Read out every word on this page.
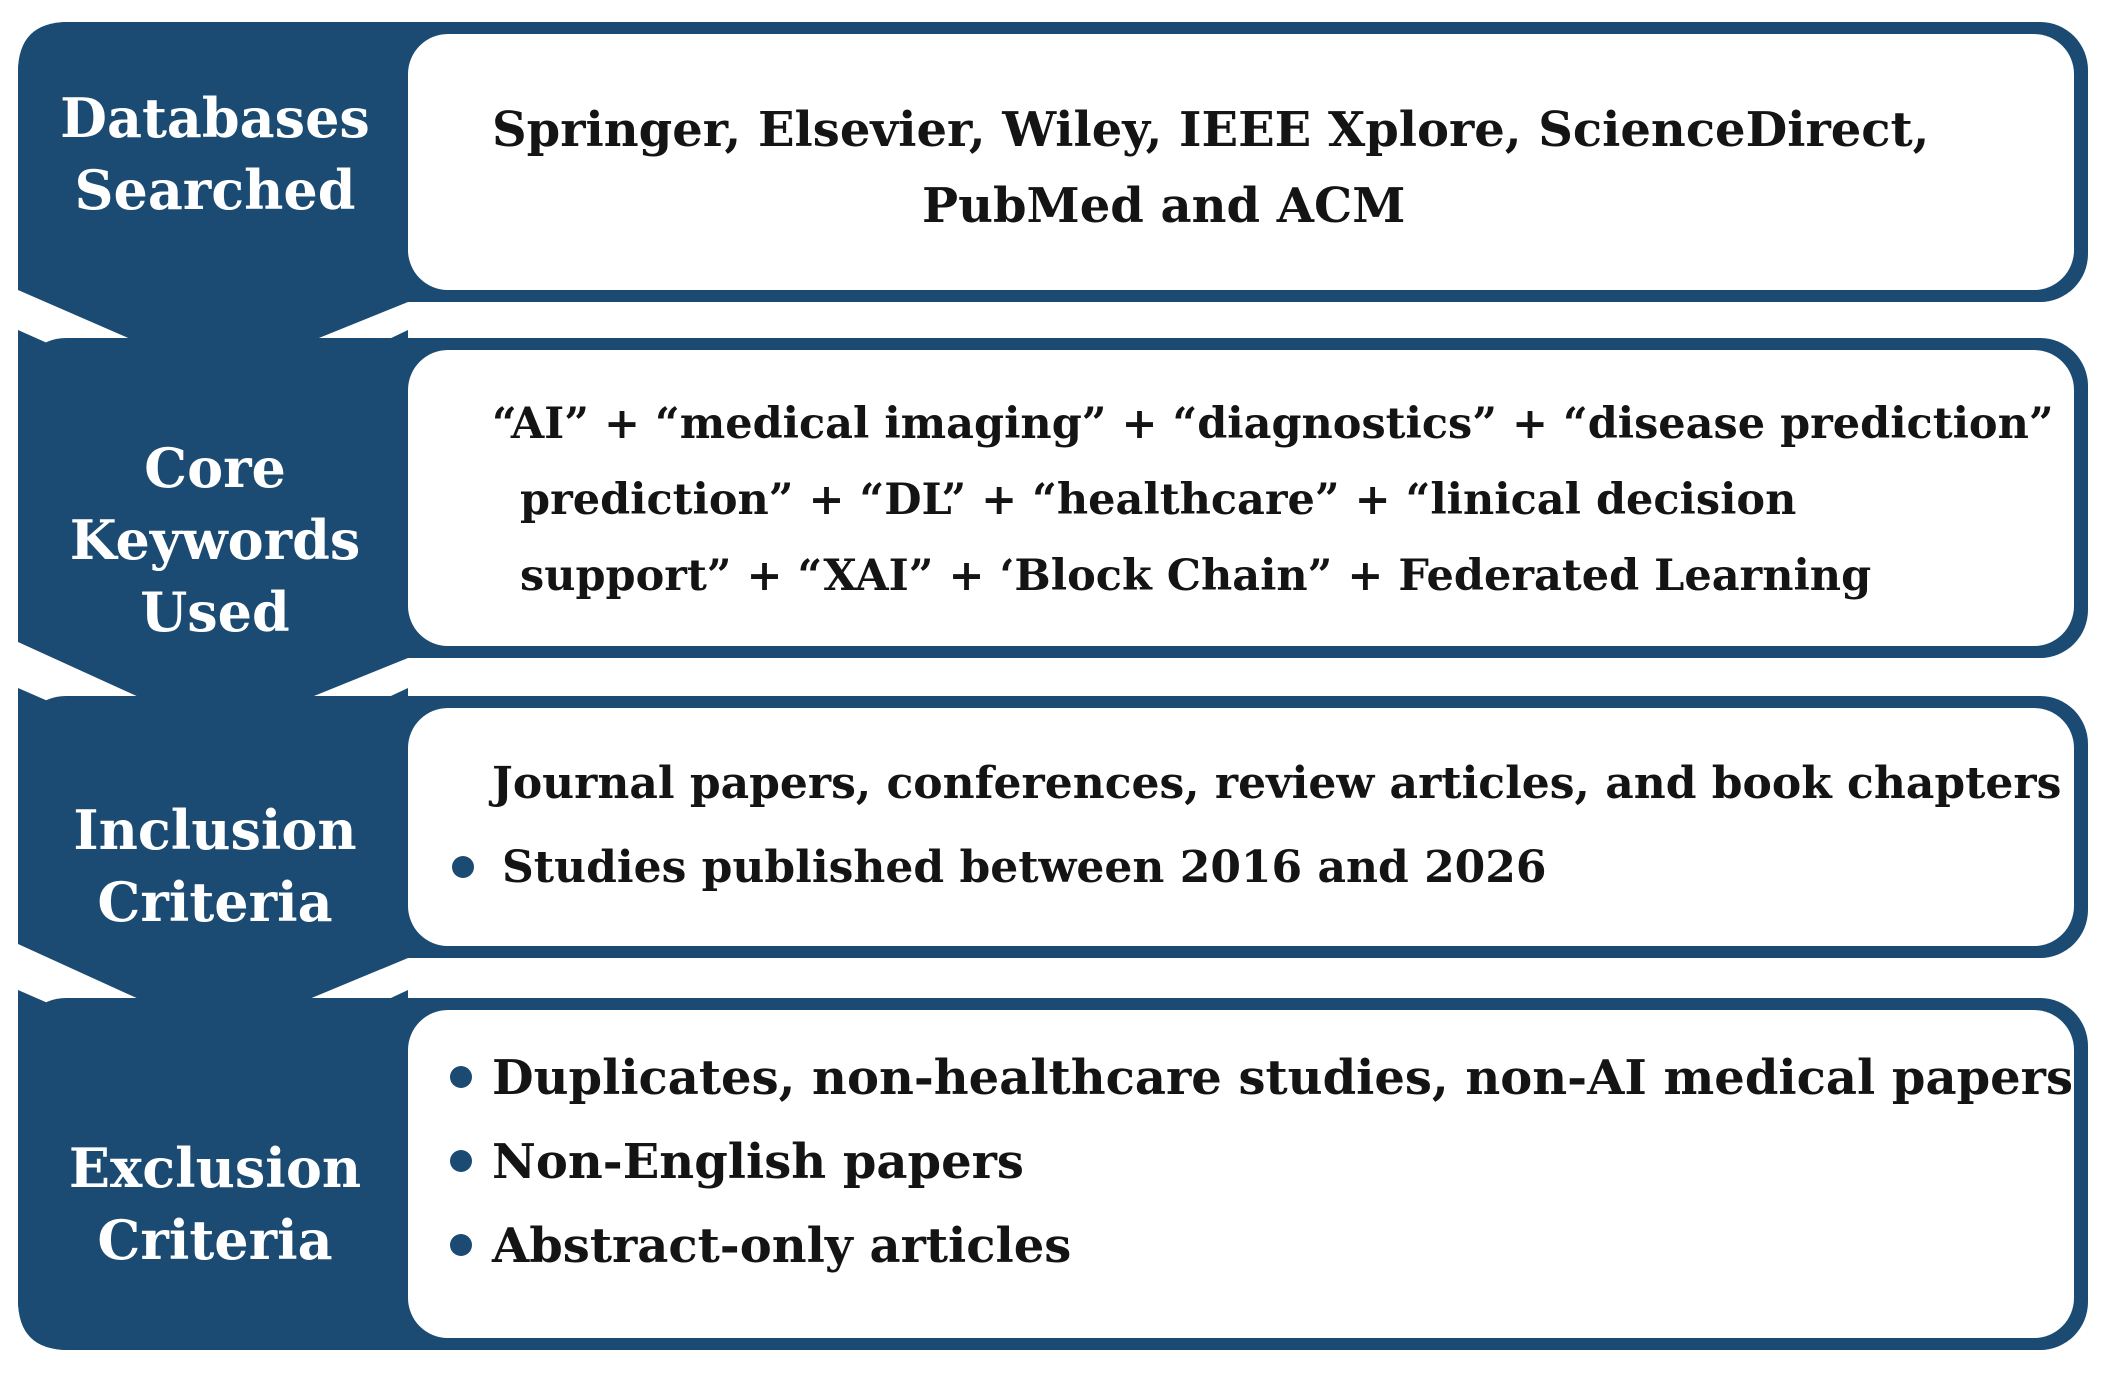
Databases
Searched
Core
Keywords
Used
Inclusion
Criteria
Exclusion
Criteria
Springer, Elsevier, Wiley, IEEE Xplore, ScienceDirect,
PubMed and ACM
“AI” + “medical imaging” + “diagnostics” + “disease prediction”
prediction” + “DL” + “healthcare” + “linical decision
support” + “XAI” + ‘Block Chain” + Federated Learning
Journal papers, conferences, review articles, and book chapters
Studies published between 2016 and 2026
Duplicates, non-healthcare studies, non-AI medical papers
Non-English papers
Abstract-only articles
